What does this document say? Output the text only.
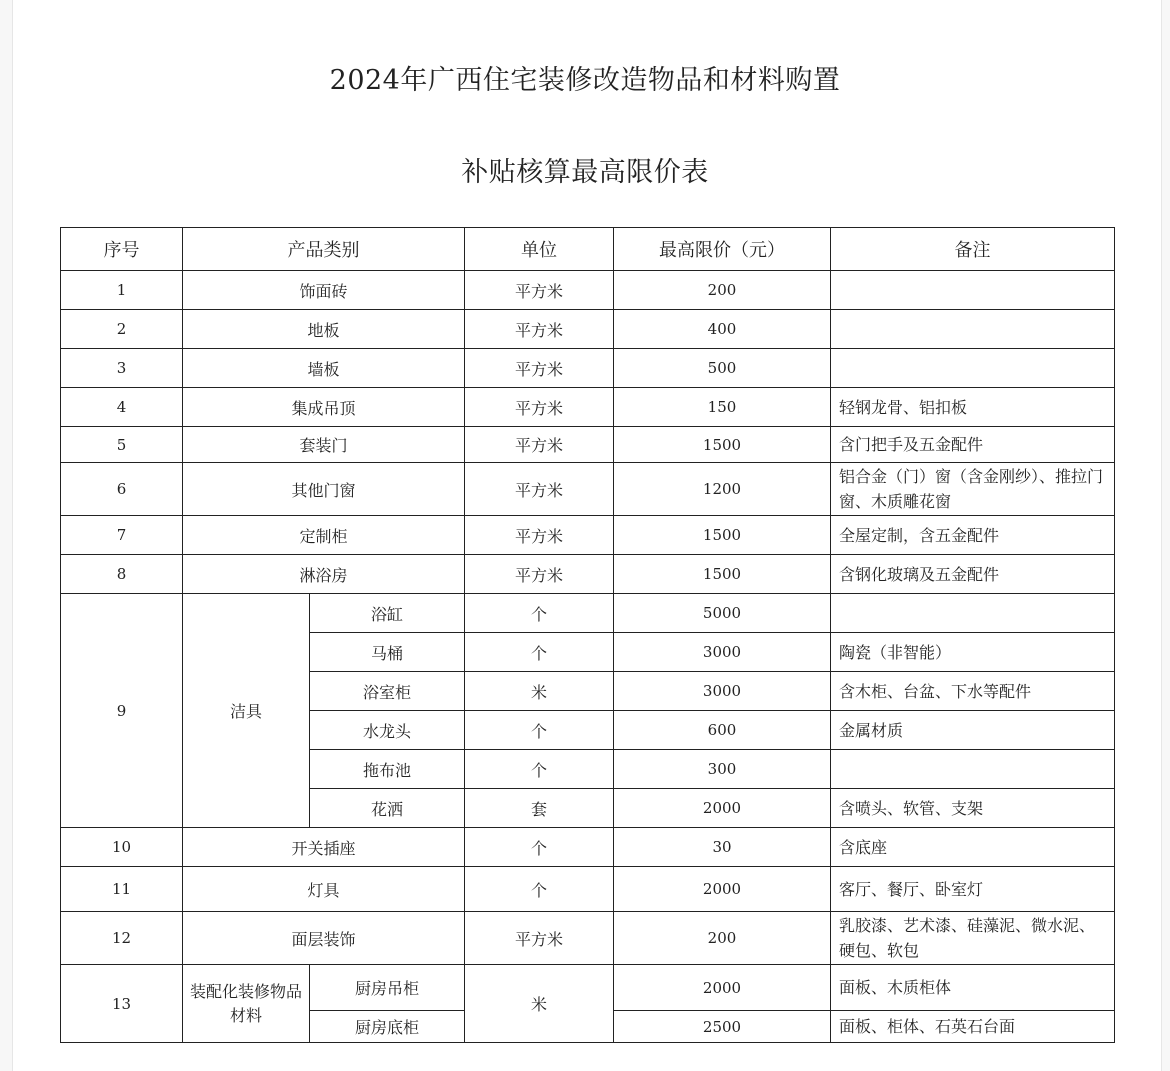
2024年广西住宅装修改造物品和材料购置
补贴核算最高限价表
序号	产品类别		单位	最高限价（元）	备注
1	饰面砖		平方米	200	
2	地板		平方米	400	
3	墙板		平方米	500	
4	集成吊顶		平方米	150	轻钢龙骨、铝扣板
5	套装门		平方米	1500	含门把手及五金配件
6	其他门窗		平方米	1200	铝合金（门）窗（含金刚纱）、推拉门窗、木质雕花窗
7	定制柜		平方米	1500	全屋定制，含五金配件
8	淋浴房		平方米	1500	含钢化玻璃及五金配件
9	洁具	浴缸	个	5000	
		马桶	个	3000	陶瓷（非智能）
		浴室柜	米	3000	含木柜、台盆、下水等配件
		水龙头	个	600	金属材质
		拖布池	个	300	
		花洒	套	2000	含喷头、软管、支架
10	开关插座		个	30	含底座
11	灯具		个	2000	客厅、餐厅、卧室灯
12	面层装饰		平方米	200	乳胶漆、艺术漆、硅藻泥、微水泥、硬包、软包
13	装配化装修物品材料	厨房吊柜	米	2000	面板、木质柜体
		厨房底柜		2500	面板、柜体、石英石台面
